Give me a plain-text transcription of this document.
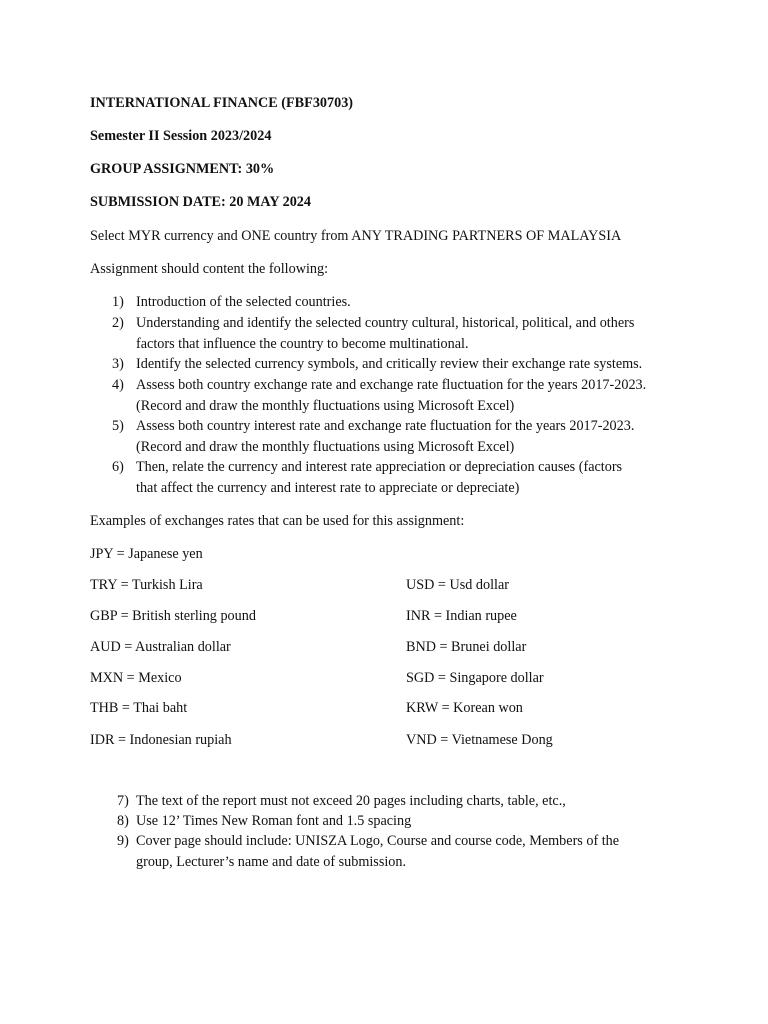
INTERNATIONAL FINANCE (FBF30703)
Semester II Session 2023/2024
GROUP ASSIGNMENT: 30%
SUBMISSION DATE: 20 MAY 2024
Select MYR currency and ONE country from ANY TRADING PARTNERS OF MALAYSIA
Assignment should content the following:
1) Introduction of the selected countries.
2) Understanding and identify the selected country cultural, historical, political, and others
factors that influence the country to become multinational.
3) Identify the selected currency symbols, and critically review their exchange rate systems.
4) Assess both country exchange rate and exchange rate fluctuation for the years 2017-2023.
(Record and draw the monthly fluctuations using Microsoft Excel)
5) Assess both country interest rate and exchange rate fluctuation for the years 2017-2023.
(Record and draw the monthly fluctuations using Microsoft Excel)
6) Then, relate the currency and interest rate appreciation or depreciation causes (factors
that affect the currency and interest rate to appreciate or depreciate)
Examples of exchanges rates that can be used for this assignment:
JPY = Japanese yen
TRY = Turkish Lira	USD = Usd dollar
GBP = British sterling pound	INR = Indian rupee
AUD = Australian dollar	BND = Brunei dollar
MXN = Mexico	SGD = Singapore dollar
THB = Thai baht	KRW = Korean won
IDR = Indonesian rupiah	VND = Vietnamese Dong
7) The text of the report must not exceed 20 pages including charts, table, etc.,
8) Use 12’ Times New Roman font and 1.5 spacing
9) Cover page should include: UNISZA Logo, Course and course code, Members of the
group, Lecturer’s name and date of submission.
